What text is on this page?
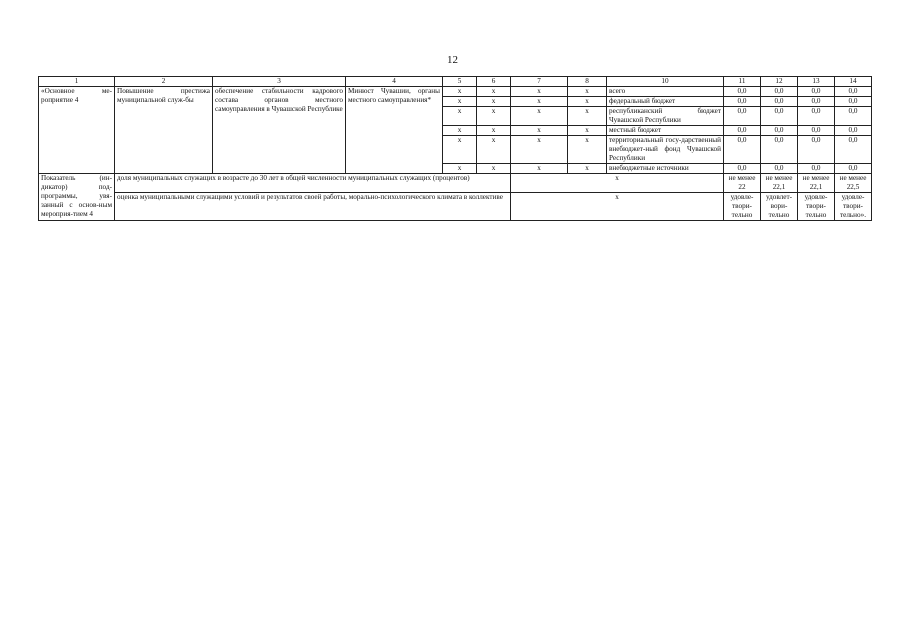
12
1	2	3	4	5	6	7	8	10	11	12	13	14
«Основное ме-роприятие 4	Повышение престижа муниципальной служ-бы	обеспечение стабильности кадрового состава органов местного самоуправления в Чувашской Республике	Минюст Чувашии, органы местного самоуправления*	x	x	x	x	всего	0,0	0,0	0,0	0,0
				x	x	x	x	федеральный бюджет	0,0	0,0	0,0	0,0
				x	x	x	x	республиканский бюджет Чувашской Республики	0,0	0,0	0,0	0,0
				x	x	x	x	местный бюджет	0,0	0,0	0,0	0,0
				x	x	x	x	территориальный госу-дарственный внебюджет-ный фонд Чувашской Республики	0,0	0,0	0,0	0,0
				x	x	x	x	внебюджетные источники	0,0	0,0	0,0	0,0
Показатель (ин-дикатор) под-программы, увя-занный с основ-ным мероприя-тием 4	доля муниципальных служащих в возрасте до 30 лет в общей численности муниципальных служащих (процентов)					x			не менее 22	не менее 22,1	не менее 22,1	не менее 22,5
	оценка муниципальными служащими условий и результатов своей работы, морально-психологического климата в коллективе					x			удовле-твори-тельно	удовлет-вори-тельно	удовле-твори-тельно	удовле-твори-тельно».
